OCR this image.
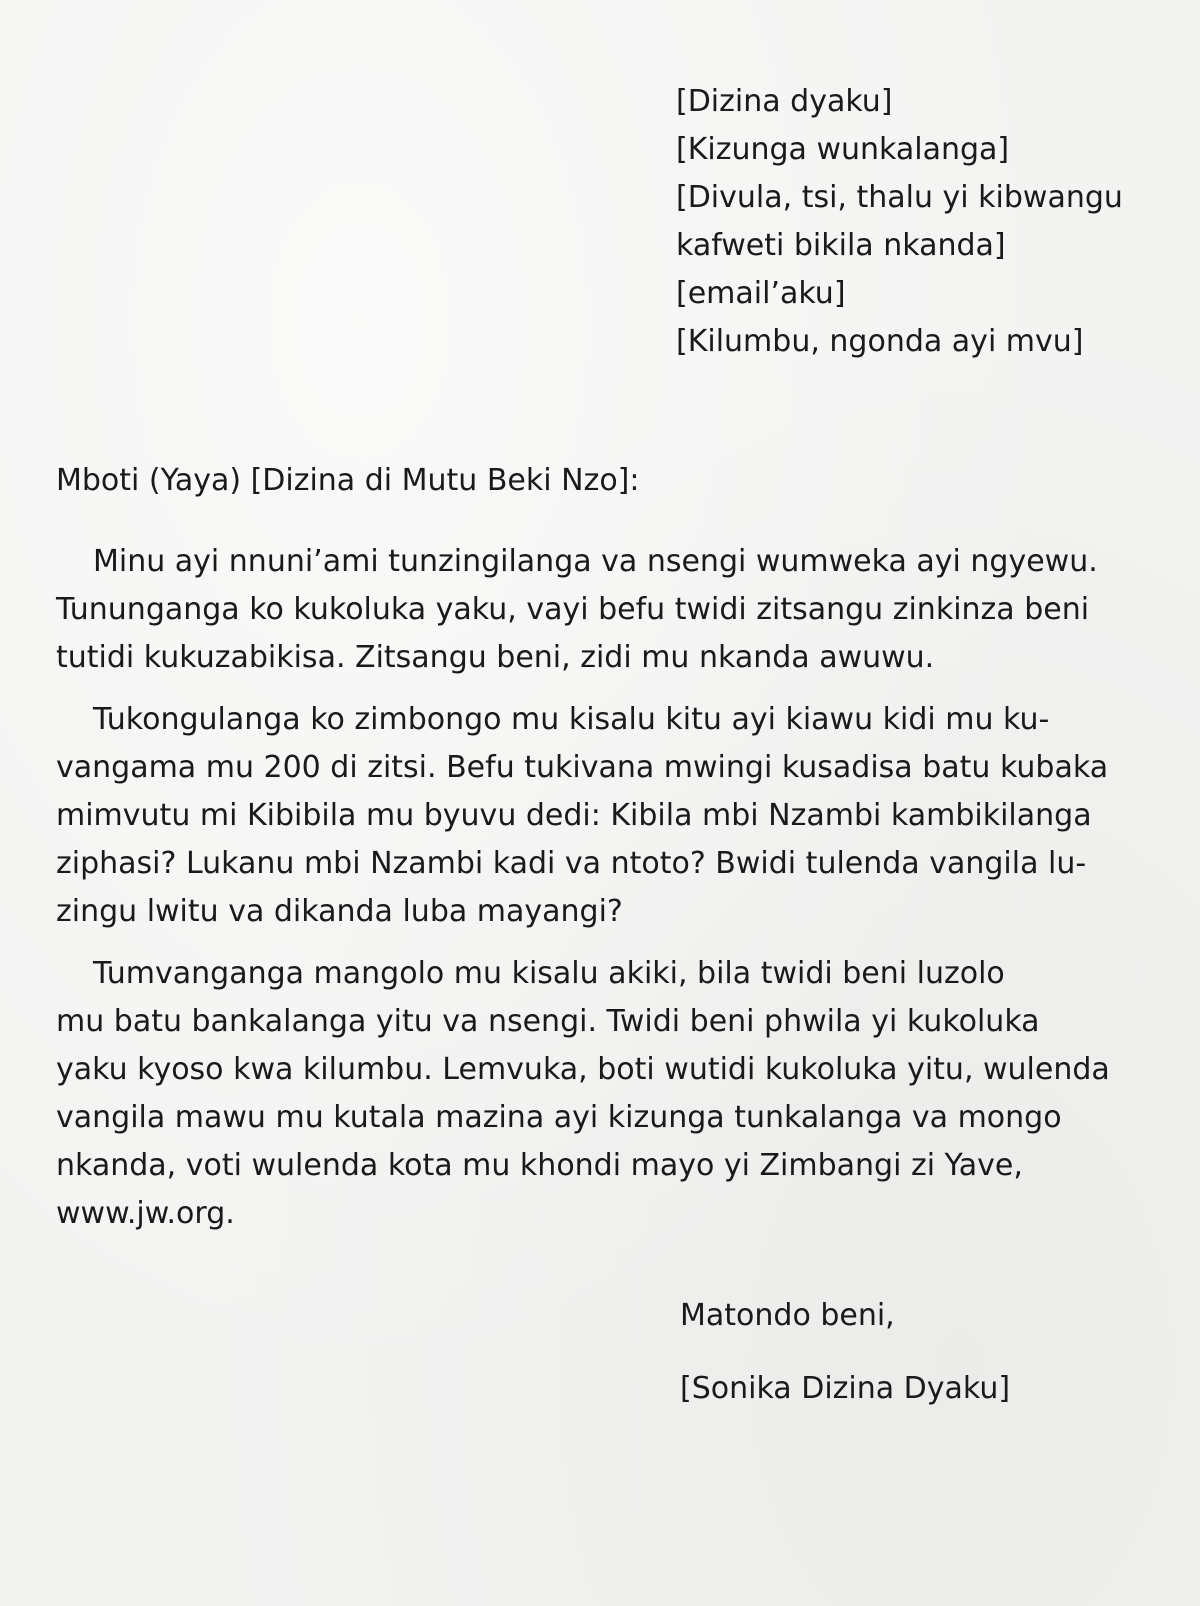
[Dizina dyaku]
[Kizunga wunkalanga]
[Divula, tsi, thalu yi kibwangu
kafweti bikila nkanda]
[email’aku]
[Kilumbu, ngonda ayi mvu]
Mboti (Yaya) [Dizina di Mutu Beki Nzo]:

Minu ayi nnuni’ami tunzingilanga va nsengi wumweka ayi ngyewu.
Tununganga ko kukoluka yaku, vayi befu twidi zitsangu zinkinza beni
tutidi kukuzabikisa. Zitsangu beni, zidi mu nkanda awuwu.

Tukongulanga ko zimbongo mu kisalu kitu ayi kiawu kidi mu ku-
vangama mu 200 di zitsi. Befu tukivana mwingi kusadisa batu kubaka
mimvutu mi Kibibila mu byuvu dedi: Kibila mbi Nzambi kambikilanga
ziphasi? Lukanu mbi Nzambi kadi va ntoto? Bwidi tulenda vangila lu-
zingu lwitu va dikanda luba mayangi?

Tumvanganga mangolo mu kisalu akiki, bila twidi beni luzolo
mu batu bankalanga yitu va nsengi. Twidi beni phwila yi kukoluka
yaku kyoso kwa kilumbu. Lemvuka, boti wutidi kukoluka yitu, wulenda
vangila mawu mu kutala mazina ayi kizunga tunkalanga va mongo
nkanda, voti wulenda kota mu khondi mayo yi Zimbangi zi Yave,
www.jw.org.

Matondo beni,
[Sonika Dizina Dyaku]
